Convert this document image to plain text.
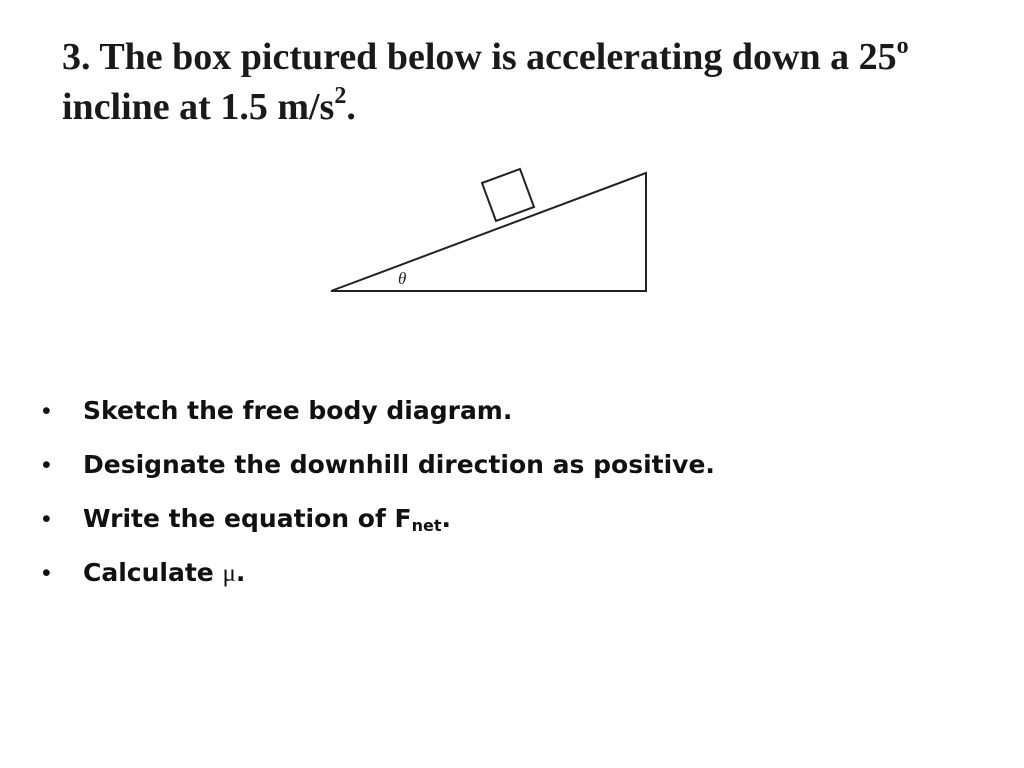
3. The box pictured below is accelerating down a 25$^o$ incline at 1.5 $m/s^2$.
θ
• Sketch the free body diagram.
• Designate the downhill direction as positive.
• Write the equation of $F_{net}$.
• Calculate μ.
